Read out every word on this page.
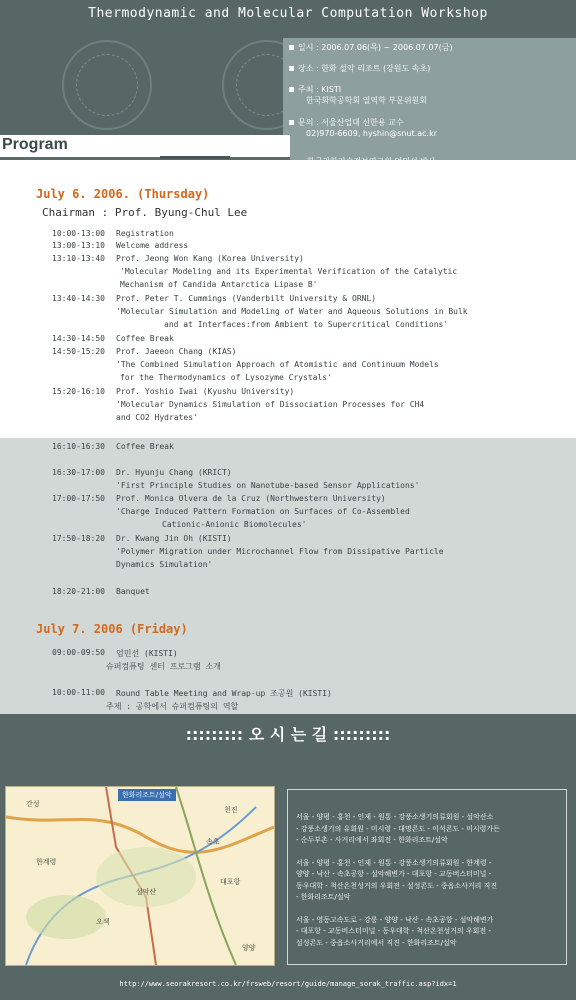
Thermodynamic and Molecular Computation Workshop
일시 : 2006.07.06(목) ~ 2006.07.07(금)
장소 : 한화 설악 리조트 (강원도 속초)
주최 : KISTI
한국화학공학회 열역학 부문위원회
문의 : 서울산업대 신한용 교수
02)970-6609, hyshin@snut.ac.kr

Program
July 6. 2006. (Thursday)
Chairman : Prof. Byung-Chul Lee
10:00-13:00	Registration
13:00-13:10	Welcome address
13:10-13:40	Prof. Jeong Won Kang (Korea University)
'Molecular Modeling and its Experimental Verification of the Catalytic
Mechanism of Candida Antarctica Lipase B'
13:40-14:30	Prof. Peter T. Cummings (Vanderbilt University & ORNL)
'Molecular Simulation and Modeling of Water and Aqueous Solutions in Bulk
and at Interfaces:from Ambient to Supercritical Conditions'
14:30-14:50	Coffee Break
14:50-15:20	Prof. Jaeeon Chang (KIAS)
'The Combined Simulation Approach of Atomistic and Continuum Models
for the Thermodynamics of Lysozyme Crystals'
15:20-16:10	Prof. Yoshio Iwai (Kyushu University)
'Molecular Dynamics Simulation of Dissociation Processes for CH4
and CO2 Hydrates'
16:10-16:30	Coffee Break
16:30-17:00	Dr. Hyunju Chang (KRICT)
'First Principle Studies on Nanotube-based Sensor Applications'
17:00-17:50	Prof. Monica Olvera de la Cruz (Northwestern University)
'Charge Induced Pattern Formation on Surfaces of Co-Assembled
Cationic-Anionic Biomolecules'
17:50-18:20	Dr. Kwang Jin Oh (KISTI)
'Polymer Migration under Microchannel Flow from Dissipative Particle
Dynamics Simulation'
18:20-21:00	Banquet
July 7. 2006 (Friday)
09:00-09:50	엄민선 (KISTI)
슈퍼컴퓨팅 센터 프로그램 소개
10:00-11:00	Round Table Meeting and Wrap-up 조공원 (KISTI)
주제 : 공학에서 슈퍼컴퓨팅의 역할
::::::::: 오 시 는 길 :::::::::
한화리조트/설악
간성
천진
한계령
오색
양양
속초
대포항
설악산
서울 - 양평 - 홍천 - 인제 - 원통 - 강풍소생기의류회원 - 설악산소
- 강풍소생기의 유회원 - 미시령 - 대명콘도 - 이석콘도 - 미시령가든
- 순두부촌 - 사거리에서 좌회전 - 한화리조트/설악
서울 - 양평 - 홍천 - 인제 - 원통 - 강풍소생기의류회원 - 한계령 -
양양 - 낙산 - 속초공항 - 설악해변가 - 대포항 - 교동버스터미널 -
동우대학 - 척산온천성거의 우회전 - 설성콘도 - 중읍소사거리 직진
- 한화리조트/설악
서울 - 영동고속도로 - 강릉 - 양양 - 낙산 - 속초공항 - 설악해변가
- 대포항 - 교동버스터미널 - 동우대학 - 척산온천성거의 우회전 -
설성콘도 - 중읍소사거리에서 직진 - 한화리조트/설악
http://www.seorakresort.co.kr/frsweb/resort/guide/manage_sorak_traffic.asp?idx=1
